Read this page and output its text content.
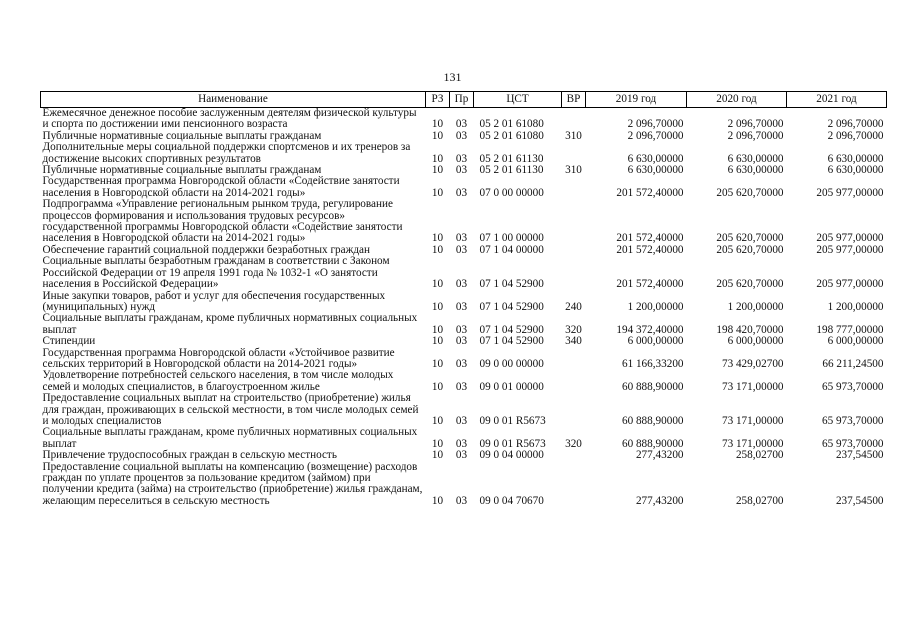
131
Наименование	РЗ	Пр	ЦСТ	ВР	2019 год	2020 год	2021 год
Ежемесячное денежное пособие заслуженным деятелям физической культуры и спорта по достижении ими пенсионного возраста	10	03	05 2 01 61080		2 096,70000	2 096,70000	2 096,70000
Публичные нормативные социальные выплаты гражданам	10	03	05 2 01 61080	310	2 096,70000	2 096,70000	2 096,70000
Дополнительные меры социальной поддержки спортсменов и их тренеров за достижение высоких спортивных результатов	10	03	05 2 01 61130		6 630,00000	6 630,00000	6 630,00000
Публичные нормативные социальные выплаты гражданам	10	03	05 2 01 61130	310	6 630,00000	6 630,00000	6 630,00000
Государственная программа Новгородской области «Содействие занятости населения в Новгородской области на 2014-2021 годы»	10	03	07 0 00 00000		201 572,40000	205 620,70000	205 977,00000
Подпрограмма «Управление региональным рынком труда, регулирование процессов формирования и использования трудовых ресурсов» государственной программы Новгородской области «Содействие занятости населения в Новгородской области на 2014-2021 годы»	10	03	07 1 00 00000		201 572,40000	205 620,70000	205 977,00000
Обеспечение гарантий социальной поддержки безработных граждан	10	03	07 1 04 00000		201 572,40000	205 620,70000	205 977,00000
Социальные выплаты безработным гражданам в соответствии с Законом Российской Федерации от 19 апреля 1991 года № 1032-1 «О занятости населения в Российской Федерации»	10	03	07 1 04 52900		201 572,40000	205 620,70000	205 977,00000
Иные закупки товаров, работ и услуг для обеспечения государственных (муниципальных) нужд	10	03	07 1 04 52900	240	1 200,00000	1 200,00000	1 200,00000
Социальные выплаты гражданам, кроме публичных нормативных социальных выплат	10	03	07 1 04 52900	320	194 372,40000	198 420,70000	198 777,00000
Стипендии	10	03	07 1 04 52900	340	6 000,00000	6 000,00000	6 000,00000
Государственная программа Новгородской области «Устойчивое развитие сельских территорий в Новгородской области на 2014-2021 годы»	10	03	09 0 00 00000		61 166,33200	73 429,02700	66 211,24500
Удовлетворение потребностей сельского населения, в том числе молодых семей и молодых специалистов, в благоустроенном жилье	10	03	09 0 01 00000		60 888,90000	73 171,00000	65 973,70000
Предоставление социальных выплат на строительство (приобретение) жилья для граждан, проживающих в сельской местности, в том числе молодых семей и молодых специалистов	10	03	09 0 01 R5673		60 888,90000	73 171,00000	65 973,70000
Социальные выплаты гражданам, кроме публичных нормативных социальных выплат	10	03	09 0 01 R5673	320	60 888,90000	73 171,00000	65 973,70000
Привлечение трудоспособных граждан в сельскую местность	10	03	09 0 04 00000		277,43200	258,02700	237,54500
Предоставление социальной выплаты на компенсацию (возмещение) расходов граждан по уплате процентов за пользование кредитом (займом) при получении кредита (займа) на строительство (приобретение) жилья гражданам, желающим переселиться в сельскую местность	10	03	09 0 04 70670		277,43200	258,02700	237,54500
